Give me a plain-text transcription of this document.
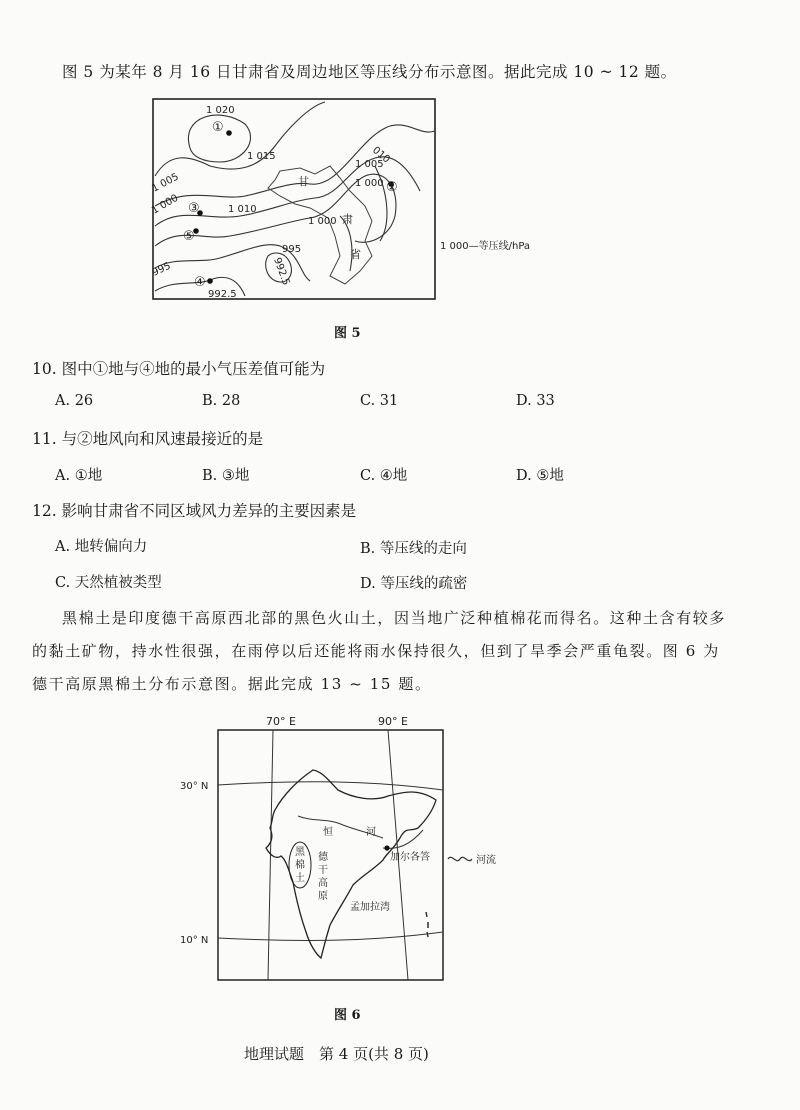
图 5 为某年 8 月 16 日甘肃省及周边地区等压线分布示意图。据此完成 10 ~ 12 题。
1 020
①
1 015	010
1 005
1 000 ②
甘
1 005
③	1 010
1 000
1 000 肃
⑤
995
992.5
省
995
④
992.5
1 000—等压线/hPa
图 5
10. 图中①地与④地的最小气压差值可能为
A. 26	B. 28	C. 31	D. 33
11. 与②地风向和风速最接近的是
A. ①地	B. ③地	C. ④地	D. ⑤地
12. 影响甘肃省不同区域风力差异的主要因素是
A. 地转偏向力	B. 等压线的走向
C. 天然植被类型	D. 等压线的疏密
黑棉土是印度德干高原西北部的黑色火山土，因当地广泛种植棉花而得名。这种土含有较多的黏土矿物，持水性很强，在雨停以后还能将雨水保持很久，但到了旱季会严重龟裂。图 6 为德干高原黑棉土分布示意图。据此完成 13 ~ 15 题。
70° E	90° E
30° N
10° N
恒	河
加尔各答
黑
棉
土
德
干
高
原
孟加拉湾
河流
图 6
地理试题　第 4 页(共 8 页)
